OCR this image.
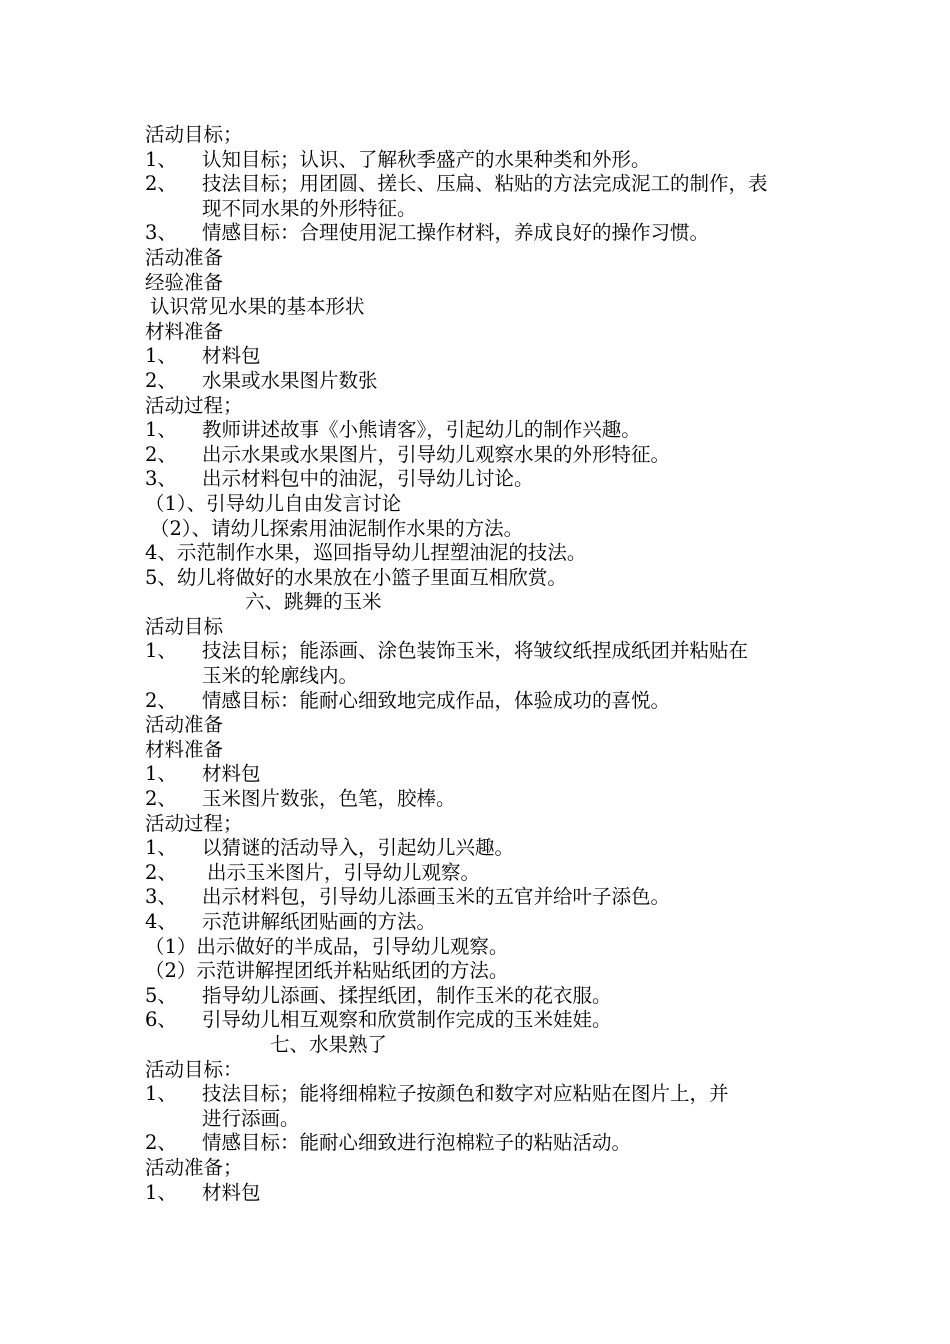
活动目标；
1、 认知目标；认识、了解秋季盛产的水果种类和外形。
2、 技法目标；用团圆、搓长、压扁、粘贴的方法完成泥工的制作，表
现不同水果的外形特征。
3、 情感目标：合理使用泥工操作材料，养成良好的操作习惯。
活动准备
经验准备
认识常见水果的基本形状
材料准备
1、 材料包
2、 水果或水果图片数张
活动过程；
1、 教师讲述故事《小熊请客》，引起幼儿的制作兴趣。
2、 出示水果或水果图片，引导幼儿观察水果的外形特征。
3、 出示材料包中的油泥，引导幼儿讨论。
（1）、引导幼儿自由发言讨论
（2）、请幼儿探索用油泥制作水果的方法。
4、示范制作水果，巡回指导幼儿捏塑油泥的技法。
5、幼儿将做好的水果放在小篮子里面互相欣赏。
六、跳舞的玉米
活动目标
1、 技法目标；能添画、涂色装饰玉米，将皱纹纸捏成纸团并粘贴在
玉米的轮廓线内。
2、 情感目标：能耐心细致地完成作品，体验成功的喜悦。
活动准备
材料准备
1、 材料包
2、 玉米图片数张，色笔，胶棒。
活动过程；
1、 以猜谜的活动导入，引起幼儿兴趣。
2、 出示玉米图片，引导幼儿观察。
3、 出示材料包，引导幼儿添画玉米的五官并给叶子添色。
4、 示范讲解纸团贴画的方法。
（1）出示做好的半成品，引导幼儿观察。
（2）示范讲解捏团纸并粘贴纸团的方法。
5、 指导幼儿添画、揉捏纸团，制作玉米的花衣服。
6、 引导幼儿相互观察和欣赏制作完成的玉米娃娃。
七、水果熟了
活动目标：
1、 技法目标；能将细棉粒子按颜色和数字对应粘贴在图片上，并
进行添画。
2、 情感目标：能耐心细致进行泡棉粒子的粘贴活动。
活动准备；
1、 材料包
